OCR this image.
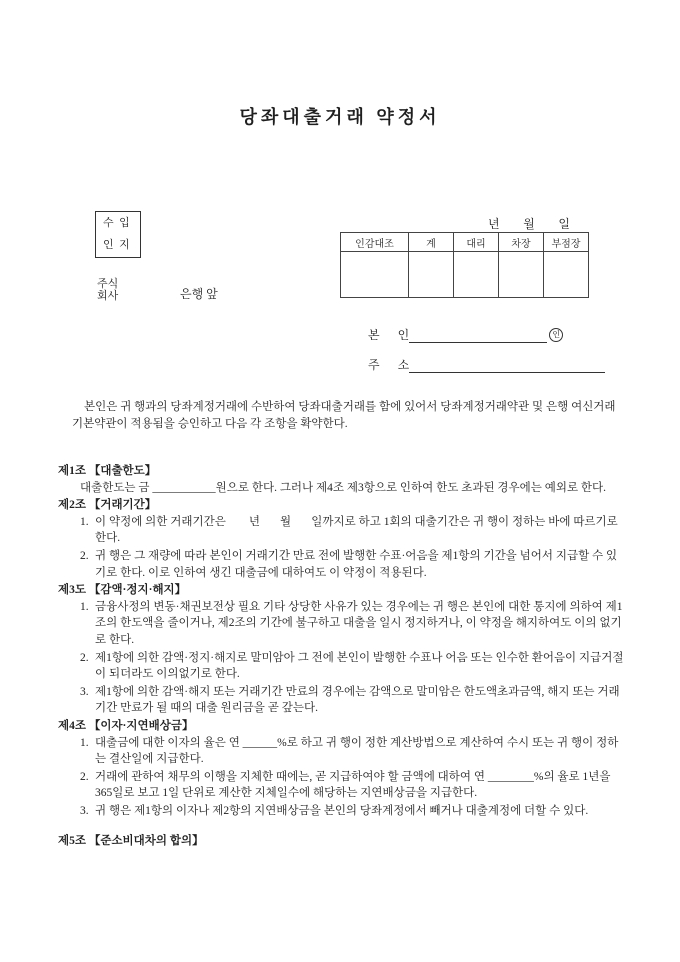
당좌대출거래 약정서
년 월 일
수  입
인  지
주식
회사	은행 앞
인감대조	계	대리	차장	부점장

본      인	인
주      소

본인은 귀 행과의 당좌계정거래에 수반하여 당좌대출거래를 함에 있어서 당좌계정거래약관 및 은행 여신거래기본약관이 적용됨을 승인하고 다음 각 조항을 확약한다.

제1조 【대출한도】
대출한도는 금 ___________원으로 한다. 그러나 제4조 제3항으로 인하여 한도 초과된 경우에는 예외로 한다.
제2조 【거래기간】
1. 이 약정에 의한 거래기간은        년       월       일까지로 하고 1회의 대출기간은 귀 행이 정하는 바에 따르기로 한다.
2. 귀 행은 그 재량에 따라 본인이 거래기간 만료 전에 발행한 수표·어음을 제1항의 기간을 넘어서 지급할 수 있기로 한다. 이로 인하여 생긴 대출금에 대하여도 이 약정이 적용된다.
제3도 【감액·정지·해지】
1. 금융사정의 변동·채권보전상 필요 기타 상당한 사유가 있는 경우에는 귀 행은 본인에 대한 통지에 의하여 제1조의 한도액을 줄이거나, 제2조의 기간에 불구하고 대출을 일시 정지하거나, 이 약정을 해지하여도 이의 없기로 한다.
2. 제1항에 의한 감액·정지·해지로 말미암아 그 전에 본인이 발행한 수표나 어음 또는 인수한 환어음이 지급거절이 되더라도 이의없기로 한다.
3. 제1항에 의한 감액·해지 또는 거래기간 만료의 경우에는 감액으로 말미암은 한도액초과금액, 해지 또는 거래기간 만료가 될 때의 대출 원리금을 곧 갚는다.
제4조 【이자·지연배상금】
1. 대출금에 대한 이자의 율은 연 ______%로 하고 귀 행이 정한 계산방법으로 계산하여 수시 또는 귀 행이 정하는 결산일에 지급한다.
2. 거래에 관하여 채무의 이행을 지체한 때에는, 곧 지급하여야 할 금액에 대하여 연 ________%의 율로 1년을 365일로 보고 1일 단위로 계산한 지체일수에 해당하는 지연배상금을 지급한다.
3. 귀 행은 제1항의 이자나 제2항의 지연배상금을 본인의 당좌계정에서 빼거나 대출계정에 더할 수 있다.
제5조 【준소비대차의 합의】
